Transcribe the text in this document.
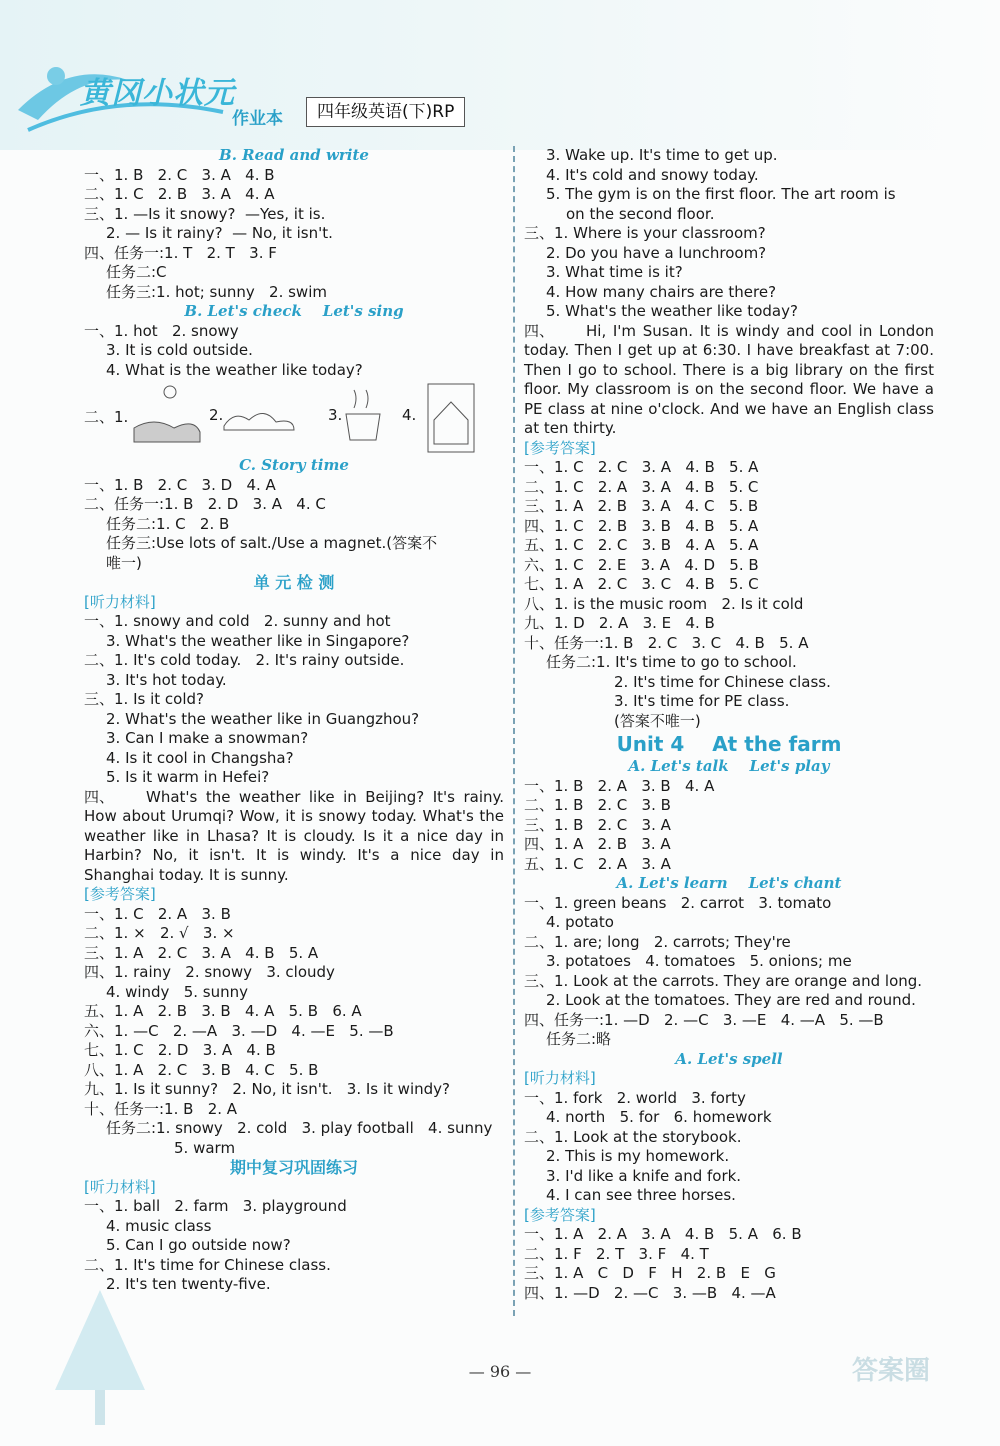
黄冈小状元
作业本	四年级英语(下)RP
B. Read and write
一、1. B   2. C   3. A   4. B
二、1. C   2. B   3. A   4. A
三、1. —Is it snowy?  —Yes, it is.
2. — Is it rainy?  — No, it isn't.
四、任务一:1. T   2. T   3. F
任务二:C
任务三:1. hot; sunny   2. swim
B. Let's check    Let's sing
一、1. hot   2. snowy
3. It is cold outside.
4. What is the weather like today?
二、1.	2.	3.	4.
C. Story time
一、1. B   2. C   3. D   4. A
二、任务一:1. B   2. D   3. A   4. C
任务二:1. C   2. B
任务三:Use lots of salt./Use a magnet.(答案不
唯一)
单 元 检 测
[听力材料]
一、1. snowy and cold   2. sunny and hot
3. What's the weather like in Singapore?
二、1. It's cold today.   2. It's rainy outside.
3. It's hot today.
三、1. Is it cold?
2. What's the weather like in Guangzhou?
3. Can I make a snowman?
4. Is it cool in Changsha?
5. Is it warm in Hefei?
四、 What's the weather like in Beijing? It's rainy. How about Urumqi? Wow, it is snowy today. What's the weather like in Lhasa? It is cloudy. Is it a nice day in Harbin? No, it isn't. It is windy. It's a nice day in Shanghai today. It is sunny.
[参考答案]
一、1. C   2. A   3. B
二、1. ×   2. √   3. ×
三、1. A   2. C   3. A   4. B   5. A
四、1. rainy   2. snowy   3. cloudy
4. windy   5. sunny
五、1. A   2. B   3. B   4. A   5. B   6. A
六、1. —C   2. —A   3. —D   4. —E   5. —B
七、1. C   2. D   3. A   4. B
八、1. A   2. C   3. B   4. C   5. B
九、1. Is it sunny?   2. No, it isn't.   3. Is it windy?
十、任务一:1. B   2. A
任务二:1. snowy   2. cold   3. play football   4. sunny
5. warm
期中复习巩固练习
[听力材料]
一、1. ball   2. farm   3. playground
4. music class
5. Can I go outside now?
二、1. It's time for Chinese class.
2. It's ten twenty-five.
3. Wake up. It's time to get up.
4. It's cold and snowy today.
5. The gym is on the first floor. The art room is
on the second floor.
三、1. Where is your classroom?
2. Do you have a lunchroom?
3. What time is it?
4. How many chairs are there?
5. What's the weather like today?
四、 Hi, I'm Susan. It is windy and cool in London today. Then I get up at 6:30. I have breakfast at 7:00. Then I go to school. There is a big library on the first floor. My classroom is on the second floor. We have a PE class at nine o'clock. And we have an English class at ten thirty.
[参考答案]
一、1. C   2. C   3. A   4. B   5. A
二、1. C   2. A   3. A   4. B   5. C
三、1. A   2. B   3. A   4. C   5. B
四、1. C   2. B   3. B   4. B   5. A
五、1. C   2. C   3. B   4. A   5. A
六、1. C   2. E   3. A   4. D   5. B
七、1. A   2. C   3. C   4. B   5. C
八、1. is the music room   2. Is it cold
九、1. D   2. A   3. E   4. B
十、任务一:1. B   2. C   3. C   4. B   5. A
任务二:1. It's time to go to school.
2. It's time for Chinese class.
3. It's time for PE class.
(答案不唯一)
Unit 4    At the farm
A. Let's talk    Let's play
一、1. B   2. A   3. B   4. A
二、1. B   2. C   3. B
三、1. B   2. C   3. A
四、1. A   2. B   3. A
五、1. C   2. A   3. A
A. Let's learn    Let's chant
一、1. green beans   2. carrot   3. tomato
4. potato
二、1. are; long   2. carrots; They're
3. potatoes   4. tomatoes   5. onions; me
三、1. Look at the carrots. They are orange and long.
2. Look at the tomatoes. They are red and round.
四、任务一:1. —D   2. —C   3. —E   4. —A   5. —B
任务二:略
A. Let's spell
[听力材料]
一、1. fork   2. world   3. forty
4. north   5. for   6. homework
二、1. Look at the storybook.
2. This is my homework.
3. I'd like a knife and fork.
4. I can see three horses.
[参考答案]
一、1. A   2. A   3. A   4. B   5. A   6. B
二、1. F   2. T   3. F   4. T
三、1. A   C   D   F   H   2. B   E   G
四、1. —D   2. —C   3. —B   4. —A
— 96 —	答案圈
